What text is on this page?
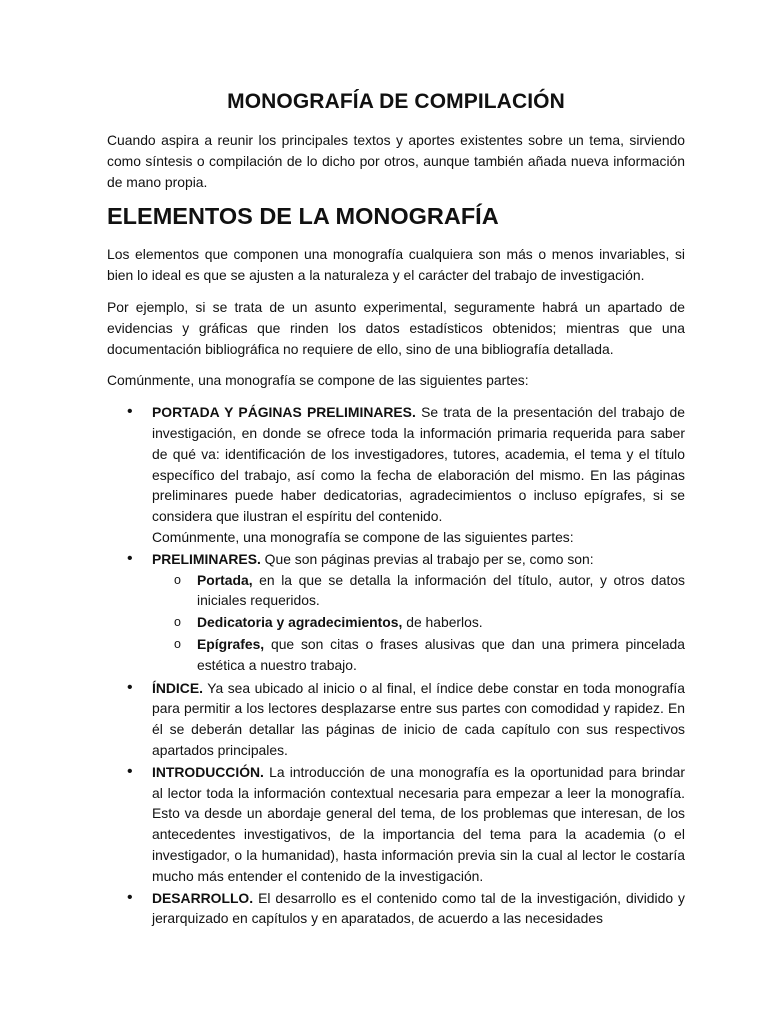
MONOGRAFÍA DE COMPILACIÓN

Cuando aspira a reunir los principales textos y aportes existentes sobre un tema, sirviendo como síntesis o compilación de lo dicho por otros, aunque también añada nueva información de mano propia.

ELEMENTOS DE LA MONOGRAFÍA

Los elementos que componen una monografía cualquiera son más o menos invariables, si bien lo ideal es que se ajusten a la naturaleza y el carácter del trabajo de investigación.

Por ejemplo, si se trata de un asunto experimental, seguramente habrá un apartado de evidencias y gráficas que rinden los datos estadísticos obtenidos; mientras que una documentación bibliográfica no requiere de ello, sino de una bibliografía detallada.

Comúnmente, una monografía se compone de las siguientes partes:

• PORTADA Y PÁGINAS PRELIMINARES. Se trata de la presentación del trabajo de investigación, en donde se ofrece toda la información primaria requerida para saber de qué va: identificación de los investigadores, tutores, academia, el tema y el título específico del trabajo, así como la fecha de elaboración del mismo. En las páginas preliminares puede haber dedicatorias, agradecimientos o incluso epígrafes, si se considera que ilustran el espíritu del contenido.
Comúnmente, una monografía se compone de las siguientes partes:
• PRELIMINARES. Que son páginas previas al trabajo per se, como son:
o Portada, en la que se detalla la información del título, autor, y otros datos iniciales requeridos.
o Dedicatoria y agradecimientos, de haberlos.
o Epígrafes, que son citas o frases alusivas que dan una primera pincelada estética a nuestro trabajo.
• ÍNDICE. Ya sea ubicado al inicio o al final, el índice debe constar en toda monografía para permitir a los lectores desplazarse entre sus partes con comodidad y rapidez. En él se deberán detallar las páginas de inicio de cada capítulo con sus respectivos apartados principales.
• INTRODUCCIÓN. La introducción de una monografía es la oportunidad para brindar al lector toda la información contextual necesaria para empezar a leer la monografía. Esto va desde un abordaje general del tema, de los problemas que interesan, de los antecedentes investigativos, de la importancia del tema para la academia (o el investigador, o la humanidad), hasta información previa sin la cual al lector le costaría mucho más entender el contenido de la investigación.
• DESARROLLO. El desarrollo es el contenido como tal de la investigación, dividido y jerarquizado en capítulos y en aparatados, de acuerdo a las necesidades
